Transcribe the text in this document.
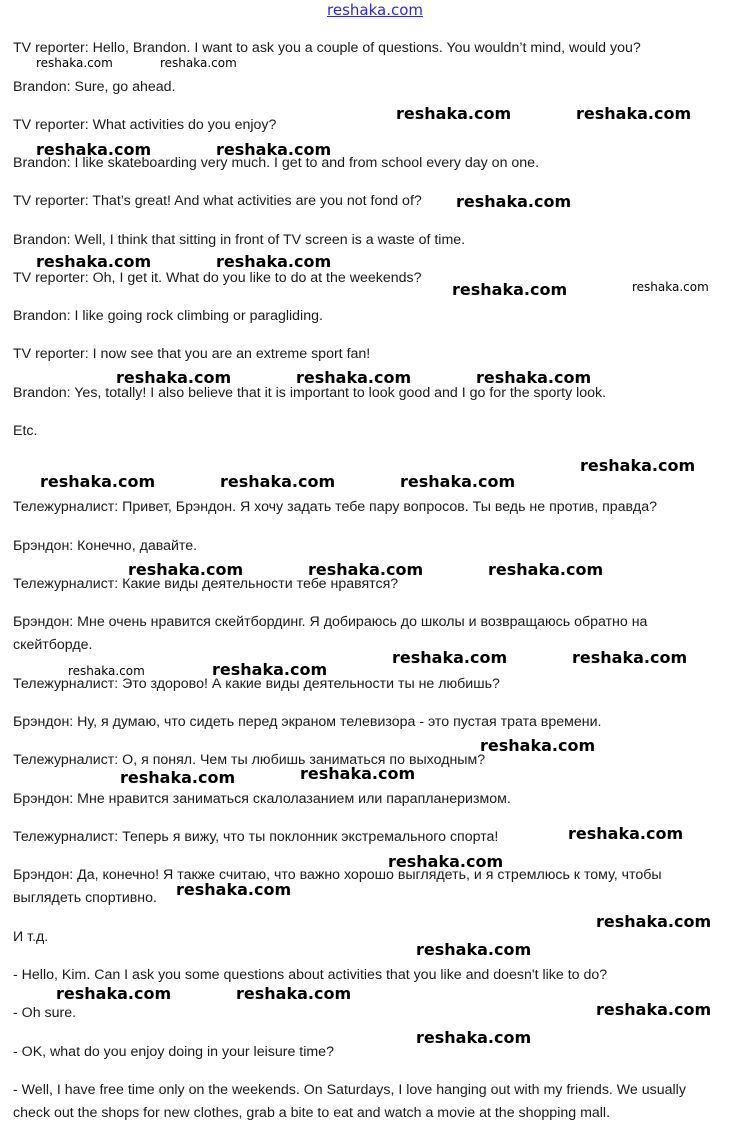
reshaka.com
TV reporter: Hello, Brandon. I want to ask you a couple of questions. You wouldn’t mind, would you?
Brandon: Sure, go ahead.
TV reporter: What activities do you enjoy?
Brandon: I like skateboarding very much. I get to and from school every day on one.
TV reporter: That’s great! And what activities are you not fond of?
Brandon: Well, I think that sitting in front of TV screen is a waste of time.
TV reporter: Oh, I get it. What do you like to do at the weekends?
Brandon: I like going rock climbing or paragliding.
TV reporter: I now see that you are an extreme sport fan!
Brandon: Yes, totally! I also believe that it is important to look good and I go for the sporty look.
Etc.
Тележурналист: Привет, Брэндон. Я хочу задать тебе пару вопросов. Ты ведь не против, правда?
Брэндон: Конечно, давайте.
Тележурналист: Какие виды деятельности тебе нравятся?
Брэндон: Мне очень нравится скейтбординг. Я добираюсь до школы и возвращаюсь обратно на скейтборде.
Тележурналист: Это здорово! А какие виды деятельности ты не любишь?
Брэндон: Ну, я думаю, что сидеть перед экраном телевизора - это пустая трата времени.
Тележурналист: О, я понял. Чем ты любишь заниматься по выходным?
Брэндон: Мне нравится заниматься скалолазанием или парапланеризмом.
Тележурналист: Теперь я вижу, что ты поклонник экстремального спорта!
Брэндон: Да, конечно! Я также считаю, что важно хорошо выглядеть, и я стремлюсь к тому, чтобы выглядеть спортивно.
И т.д.
- Hello, Kim. Can I ask you some questions about activities that you like and doesn't like to do?
- Oh sure.
- OK, what do you enjoy doing in your leisure time?
- Well, I have free time only on the weekends. On Saturdays, I love hanging out with my friends. We usually check out the shops for new clothes, grab a bite to eat and watch a movie at the shopping mall.
reshaka.com	reshaka.com
reshaka.com	reshaka.com
reshaka.com	reshaka.com
reshaka.com
reshaka.com	reshaka.com
reshaka.com	reshaka.com
reshaka.com	reshaka.com	reshaka.com
reshaka.com
reshaka.com	reshaka.com	reshaka.com
reshaka.com	reshaka.com	reshaka.com
reshaka.com	reshaka.com
reshaka.com	reshaka.com
reshaka.com
reshaka.com
reshaka.com
reshaka.com
reshaka.com
reshaka.com
reshaka.com
reshaka.com
reshaka.com	reshaka.com
reshaka.com
reshaka.com
